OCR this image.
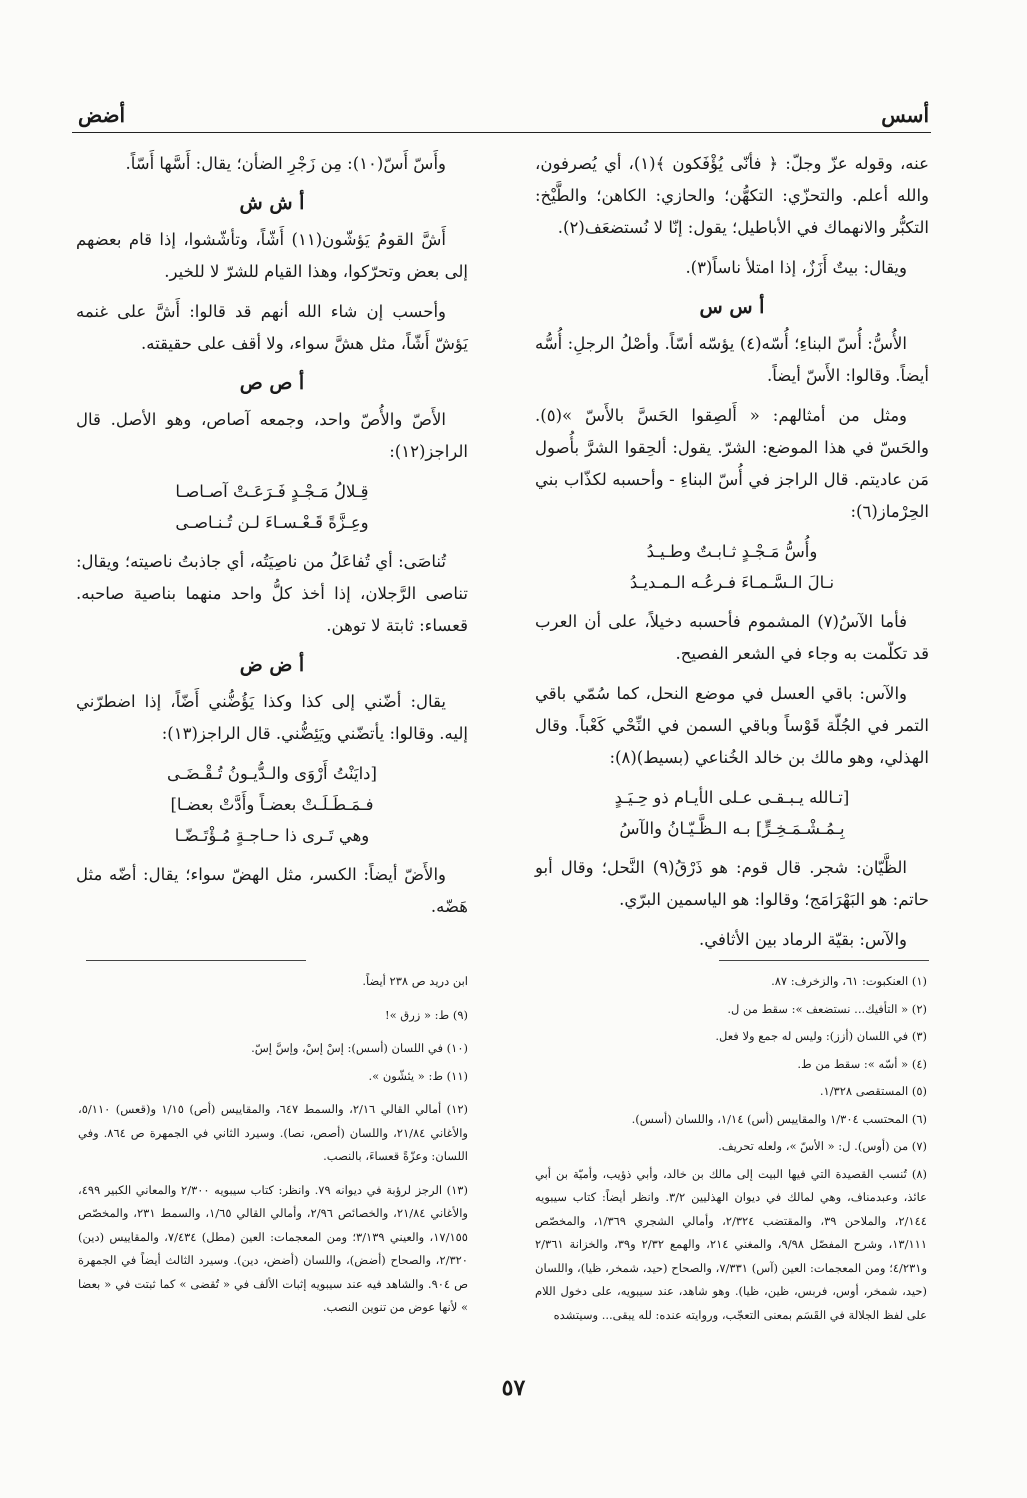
أسس
أضض
عنه، وقوله عزّ وجلّ: ﴿ فأنّى يُؤْفَكون ﴾(١)، أي يُصرفون، والله أعلم. والتحزّي: التكهُّن؛ والحازي: الكاهن؛ والطَّيْخ: التكبُّر والانهماك في الأباطيل؛ يقول: إنّا لا نُستضعَف(٢).
ويقال: بيتٌ أَزَزٌ، إذا امتلأ ناساً(٣).
أ س س
الأُسُّ: أُسّ البناءِ؛ أُسّه(٤) يؤسّه أسّاً. وأصْلُ الرجلِ: أُسُّه أيضاً. وقالوا: الأَسّ أيضاً.
ومثل من أمثالهم: « أَلصِقوا الحَسَّ بالأَسّ »(٥). والحَسّ في هذا الموضع: الشرّ. يقول: ألحِقوا الشرَّ بأُصول مَن عاديتم. قال الراجز في أُسّ البناءِ - وأحسبه لكذّاب بني الحِرْماز(٦):
وأُسُّ مَـجْـدٍ ثـابـتٌ وطـيـدُ
نـالَ الـسَّـمـاءَ فـرعُـه الـمـديـدُ
فأما الآسُ(٧) المشموم فأحسبه دخيلاً، على أن العرب قد تكلّمت به وجاء في الشعر الفصيح.
والآس: باقي العسل في موضع النحل، كما سُمّي باقي التمر في الجُلّة قَوْساً وباقي السمن في النِّحْي كَعْباً. وقال الهذلي، وهو مالك بن خالد الخُناعي (بسيط)(٨):
[تـالله يـبـقـى عـلى الأيـام ذو حِـيَـدٍ
بِـمُـشْـمَـخِـرٍّ] بـه الـظَّـيّـانُ والآسُ
الظَّيّان: شجر. قال قوم: هو ذَرْقُ(٩) النَّحل؛ وقال أبو حاتم: هو البَهْرَامَج؛ وقالوا: هو الياسمين البرّي.
والآس: بقيّة الرماد بين الأثافي.
وأَسّ أَسّ(١٠): مِن زَجْرِ الضأن؛ يقال: أَسَّها أَسّاً.
أ ش ش
أَشَّ القومُ يَؤشّون(١١) أَشّاً، وتأشّشوا، إذا قام بعضهم إلى بعض وتحرّكوا، وهذا القيام للشرّ لا للخير.
وأحسب إن شاء الله أنهم قد قالوا: أَشَّ على غنمه يَؤشّ أَشّاً، مثل هشَّ سواء، ولا أقف على حقيقته.
أ ص ص
الأَصّ والأُصّ واحد، وجمعه آصاص، وهو الأصل. قال الراجز(١٢):
قِـلالُ مَـجْـدٍ فَـرَعَـتْ آصـاصـا
وعِـزَّةً قَـعْـسـاءَ لـن تُـنـاصـى
تُناصَى: أي تُفاعَلُ من ناصِيَتُه، أي جاذبتُ ناصيته؛ ويقال: تناصى الرَّجلان، إذا أخذ كلُّ واحد منهما بناصية صاحبه. قعساء: ثابتة لا توهن.
أ ض ض
يقال: أضّني إلى كذا وكذا يَؤُضُّني أَضّاً، إذا اضطرّني إليه. وقالوا: يأتضّني ويَئِضُّني. قال الراجز(١٣):
[دايَنْتُ أَرْوَى والـدُّيـونُ تُـقْـضَـى
فـمَـطَـلَـتْ بعضـاً وأَدَّتْ بعضـا]
وهي تَـرى ذا حـاجـةٍ مُـؤْتَـضّـا
والأَضّ أيضاً: الكسر، مثل الهضّ سواء؛ يقال: أضّه مثل هَضّه.
(١) العنكبوت: ٦١، والزخرف: ٨٧.
(٢) « التأفيك... نستضعف »: سقط من ل.
(٣) في اللسان (أزز): وليس له جمع ولا فعل.
(٤) « أسّه »: سقط من ط.
(٥) المستقصى ١/٣٢٨.
(٦) المحتسب ١/٣٠٤ والمقاييس (أس) ١/١٤، واللسان (أسس).
(٧) من (أوس). ل: « الأسّ »، ولعله تحريف.
(٨) تُنسب القصيدة التي فيها البيت إلى مالك بن خالد، وأبي ذؤيب، وأميّة بن أبي عائذ، وعبدمناف، وهي لمالك في ديوان الهذليين ٣/٢. وانظر أيضاً: كتاب سيبويه ٢/١٤٤، والملاحن ٣٩، والمقتضب ٢/٣٢٤، وأمالي الشجري ١/٣٦٩، والمخصّص ١٣/١١١، وشرح المفصّل ٩/٩٨، والمغني ٢١٤، والهمع ٢/٣٢ و٣٩، والخزانة ٢/٣٦١ و٤/٢٣١؛ ومن المعجمات: العين (آس) ٧/٣٣١، والصحاح (حيد، شمخر، ظيا)، واللسان (حيد، شمخر، أوس، فربس، ظين، ظيا). وهو شاهد، عند سيبويه، على دخول اللام على لفظ الجلالة في القَسَم بمعنى التعجّب، وروايته عنده: لله يبقى... وسيتشده
ابن دريد ص ٢٣٨ أيضاً.
(٩) ط: « زرق »!
(١٠) في اللسان (أسس): إسْ إسْ، وإسَّ إسّ.
(١١) ط: « يئشّون ».
(١٢) أمالي القالي ٢/١٦، والسمط ٦٤٧، والمقاييس (أص) ١/١٥ و(قعس) ٥/١١٠، والأغاني ٢١/٨٤، واللسان (أصص، نصا). وسيرد الثاني في الجمهرة ص ٨٦٤. وفي اللسان: وعزّةً قعساءَ، بالنصب.
(١٣) الرجز لرؤبة في ديوانه ٧٩. وانظر: كتاب سيبويه ٢/٣٠٠ والمعاني الكبير ٤٩٩، والأغاني ٢١/٨٤، والخصائص ٢/٩٦، وأمالي القالي ١/٦٥، والسمط ٢٣١، والمخصّص ١٧/١٥٥، والعيني ٣/١٣٩؛ ومن المعجمات: العين (مطل) ٧/٤٣٤، والمقاييس (دين) ٢/٣٢٠، والصحاح (أضض)، واللسان (أضض، دين). وسيرد الثالث أيضاً في الجمهرة ص ٩٠٤. والشاهد فيه عند سيبويه إثبات الألف في « تُقضى » كما ثبتت في « بعضا » لأنها عوض من تنوين النصب.
٥٧
